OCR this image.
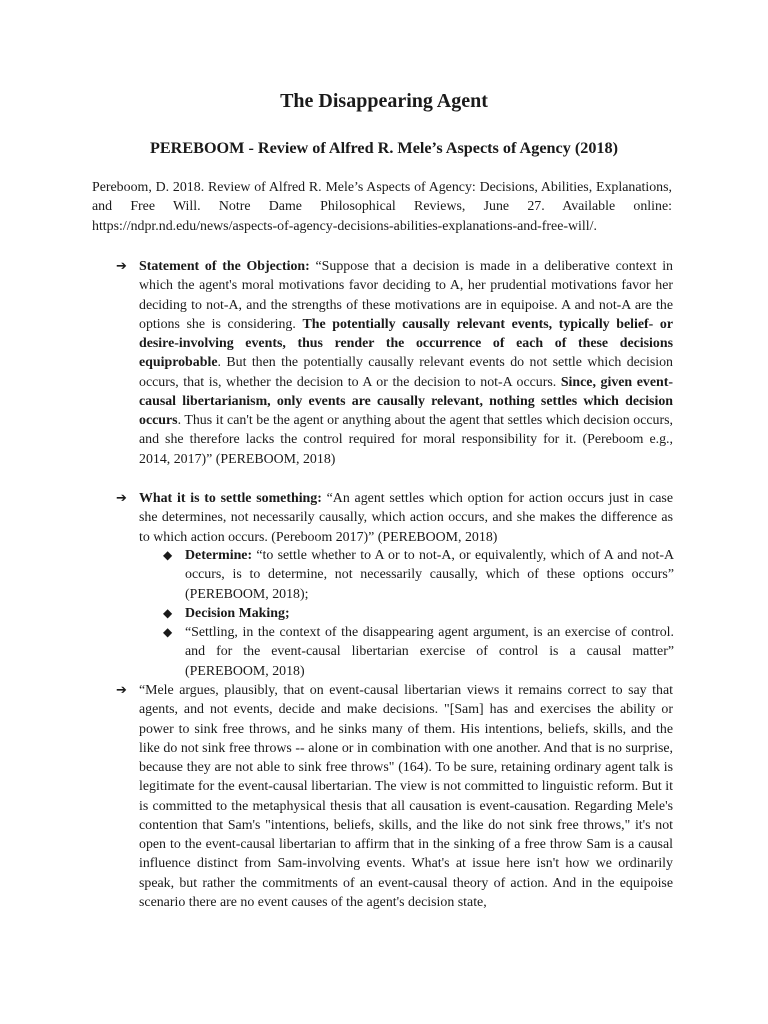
The Disappearing Agent
PEREBOOM - Review of Alfred R. Mele’s Aspects of Agency (2018)
Pereboom, D. 2018. Review of Alfred R. Mele’s Aspects of Agency: Decisions, Abilities, Explanations, and Free Will. Notre Dame Philosophical Reviews, June 27. Available online: https://ndpr.nd.edu/news/aspects-of-agency-decisions-abilities-explanations-and-free-will/.
➔ Statement of the Objection: “Suppose that a decision is made in a deliberative context in which the agent's moral motivations favor deciding to A, her prudential motivations favor her deciding to not-A, and the strengths of these motivations are in equipoise. A and not-A are the options she is considering. The potentially causally relevant events, typically belief- or desire-involving events, thus render the occurrence of each of these decisions equiprobable. But then the potentially causally relevant events do not settle which decision occurs, that is, whether the decision to A or the decision to not-A occurs. Since, given event-causal libertarianism, only events are causally relevant, nothing settles which decision occurs. Thus it can't be the agent or anything about the agent that settles which decision occurs, and she therefore lacks the control required for moral responsibility for it. (Pereboom e.g., 2014, 2017)” (PEREBOOM, 2018)
➔ What it is to settle something: “An agent settles which option for action occurs just in case she determines, not necessarily causally, which action occurs, and she makes the difference as to which action occurs. (Pereboom 2017)” (PEREBOOM, 2018)
◆ Determine: “to settle whether to A or to not-A, or equivalently, which of A and not-A occurs, is to determine, not necessarily causally, which of these options occurs” (PEREBOOM, 2018);
◆ Decision Making;
◆ “Settling, in the context of the disappearing agent argument, is an exercise of control. and for the event-causal libertarian exercise of control is a causal matter” (PEREBOOM, 2018)
➔ “Mele argues, plausibly, that on event-causal libertarian views it remains correct to say that agents, and not events, decide and make decisions. "[Sam] has and exercises the ability or power to sink free throws, and he sinks many of them. His intentions, beliefs, skills, and the like do not sink free throws -- alone or in combination with one another. And that is no surprise, because they are not able to sink free throws" (164). To be sure, retaining ordinary agent talk is legitimate for the event-causal libertarian. The view is not committed to linguistic reform. But it is committed to the metaphysical thesis that all causation is event-causation. Regarding Mele's contention that Sam's "intentions, beliefs, skills, and the like do not sink free throws," it's not open to the event-causal libertarian to affirm that in the sinking of a free throw Sam is a causal influence distinct from Sam-involving events. What's at issue here isn't how we ordinarily speak, but rather the commitments of an event-causal theory of action. And in the equipoise scenario there are no event causes of the agent's decision state,
